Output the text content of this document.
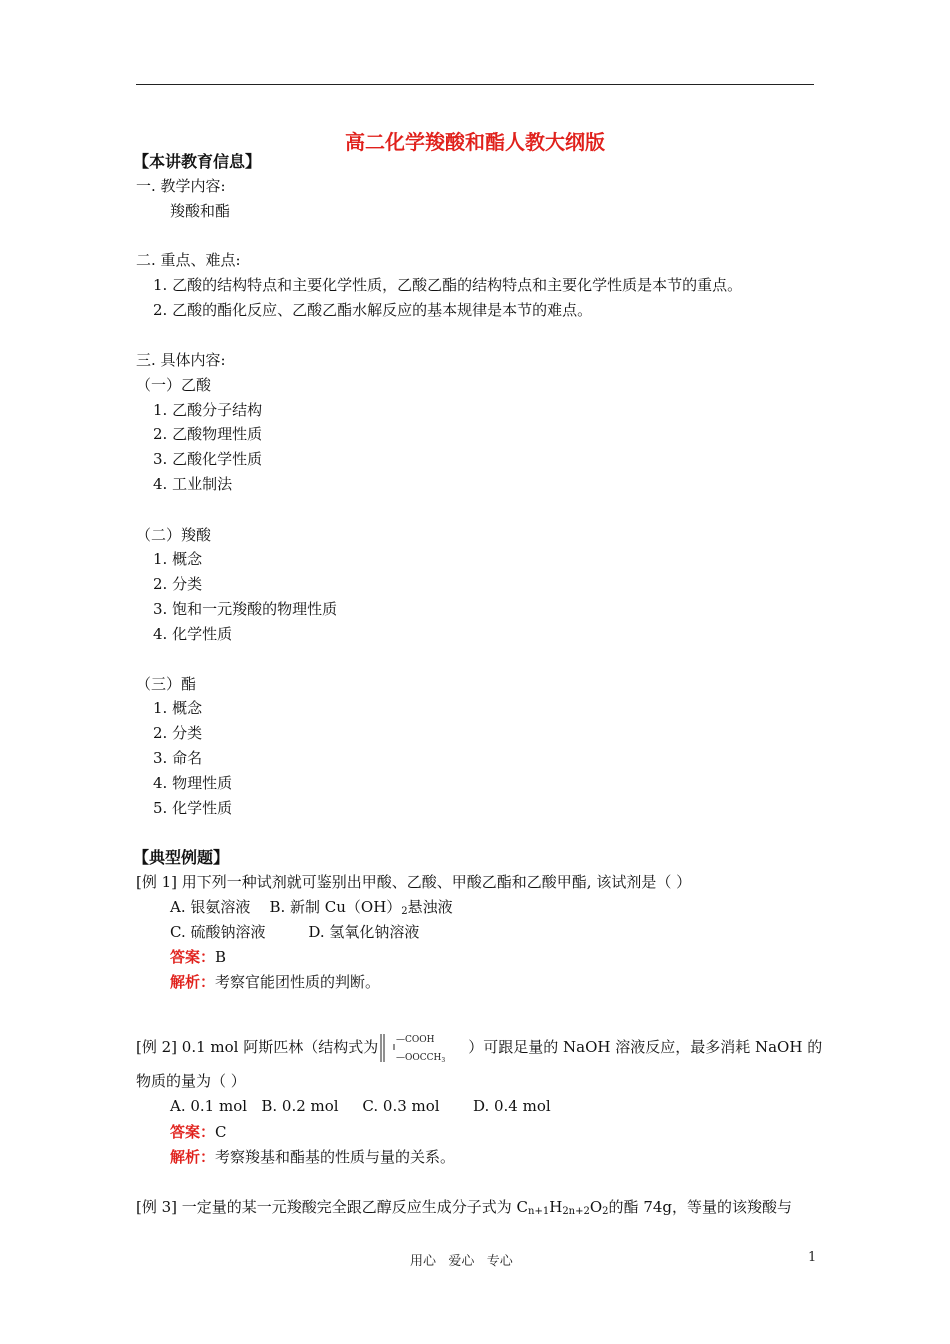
高二化学羧酸和酯人教大纲版
【本讲教育信息】
一. 教学内容:
羧酸和酯
二. 重点、难点:
1. 乙酸的结构特点和主要化学性质，乙酸乙酯的结构特点和主要化学性质是本节的重点。
2. 乙酸的酯化反应、乙酸乙酯水解反应的基本规律是本节的难点。
三. 具体内容:
（一）乙酸
1. 乙酸分子结构
2. 乙酸物理性质
3. 乙酸化学性质
4. 工业制法
（二）羧酸
1. 概念
2. 分类
3. 饱和一元羧酸的物理性质
4. 化学性质
（三）酯
1. 概念
2. 分类
3. 命名
4. 物理性质
5. 化学性质
【典型例题】
[例 1] 用下列一种试剂就可鉴别出甲酸、乙酸、甲酸乙酯和乙酸甲酯, 该试剂是（ ）
A. 银氨溶液 B. 新制 $Cu(OH)_2$悬浊液
C. 硫酸钠溶液	D. 氢氧化钠溶液
答案：B
解析：考察官能团性质的判断。
[例 2] 0.1 mol 阿斯匹林（结构式为 —COOH
$—OOCCH_3$
）可跟足量的 NaOH 溶液反应，最多消耗 NaOH 的
物质的量为（ ）
A. 0.1 mol   B. 0.2 mol     C. 0.3 mol       D. 0.4 mol
答案：C
解析：考察羧基和酯基的性质与量的关系。
[例 3] 一定量的某一元羧酸完全跟乙醇反应生成分子式为 $C_{n+1}H_{2n+2}O_2$的酯 74g，等量的该羧酸与
用心   爱心   专心	1
